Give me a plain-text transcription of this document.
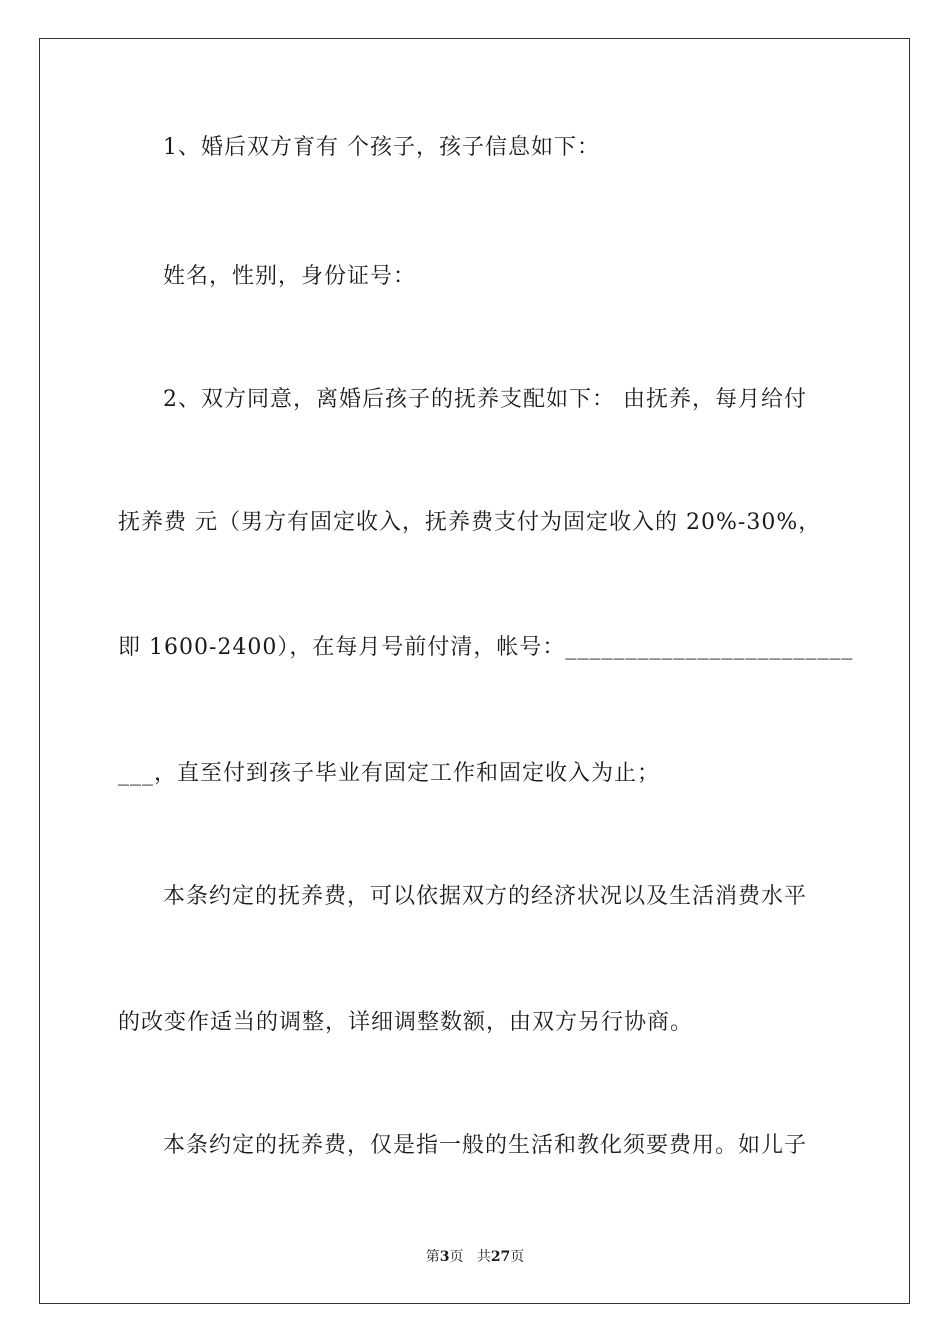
1、婚后双方育有 个孩子，孩子信息如下：
姓名，性别，身份证号：
2、双方同意，离婚后孩子的抚养支配如下： 由抚养，每月给付
抚养费 元（男方有固定收入，抚养费支付为固定收入的 20%-30%，
即 1600-2400），在每月号前付清，帐号：________________________
___，直至付到孩子毕业有固定工作和固定收入为止；
本条约定的抚养费，可以依据双方的经济状况以及生活消费水平
的改变作适当的调整，详细调整数额，由双方另行协商。
本条约定的抚养费，仅是指一般的生活和教化须要费用。如儿子
第3页 共27页
